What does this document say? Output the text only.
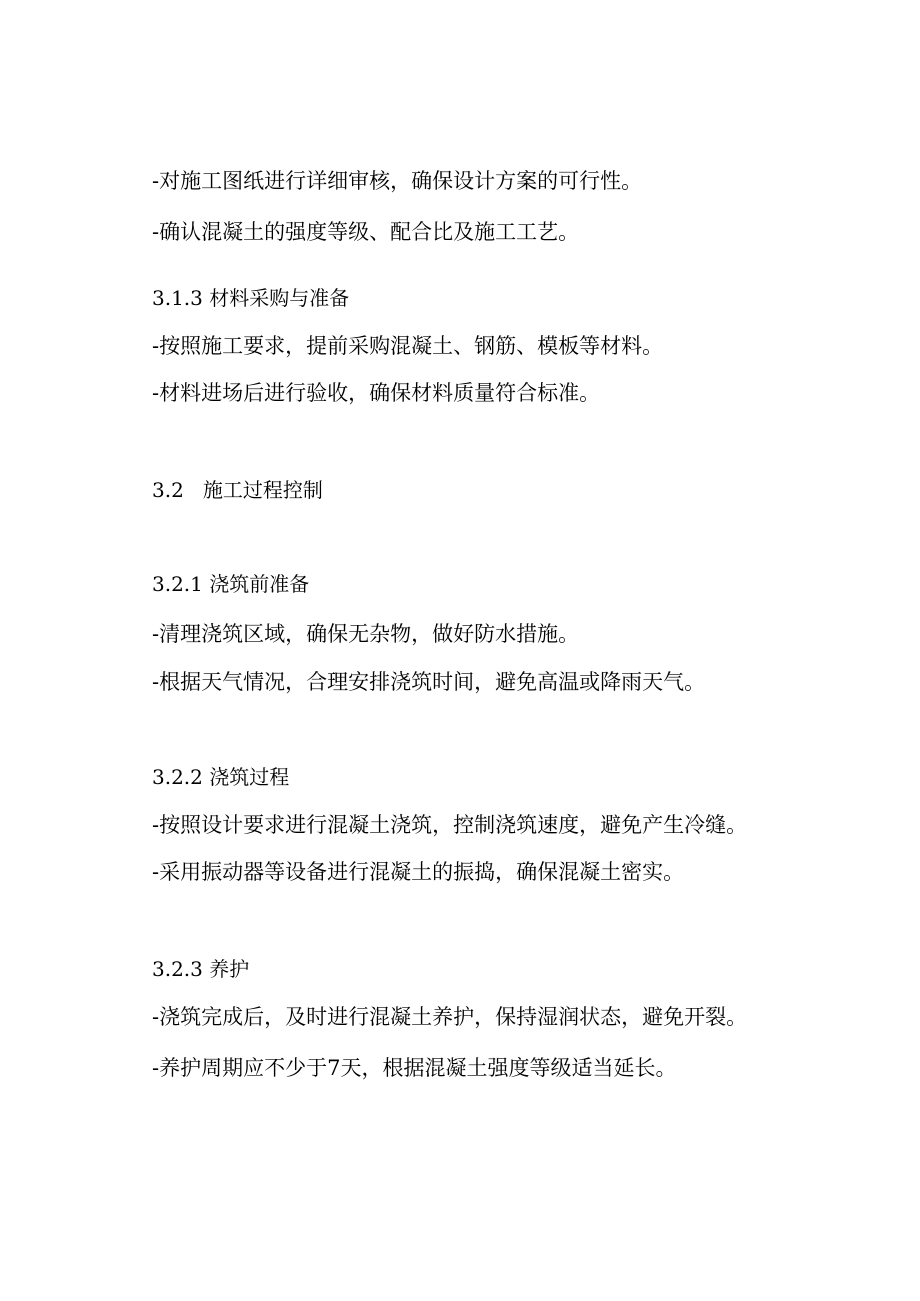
-对施工图纸进行详细审核，确保设计方案的可行性。

-确认混凝土的强度等级、配合比及施工工艺。

3.1.3 材料采购与准备

-按照施工要求，提前采购混凝土、钢筋、模板等材料。

-材料进场后进行验收，确保材料质量符合标准。

3.2   施工过程控制

3.2.1 浇筑前准备

-清理浇筑区域，确保无杂物，做好防水措施。

-根据天气情况，合理安排浇筑时间，避免高温或降雨天气。

3.2.2 浇筑过程

-按照设计要求进行混凝土浇筑，控制浇筑速度，避免产生冷缝。

-采用振动器等设备进行混凝土的振捣，确保混凝土密实。

3.2.3 养护

-浇筑完成后，及时进行混凝土养护，保持湿润状态，避免开裂。

-养护周期应不少于7天，根据混凝土强度等级适当延长。
